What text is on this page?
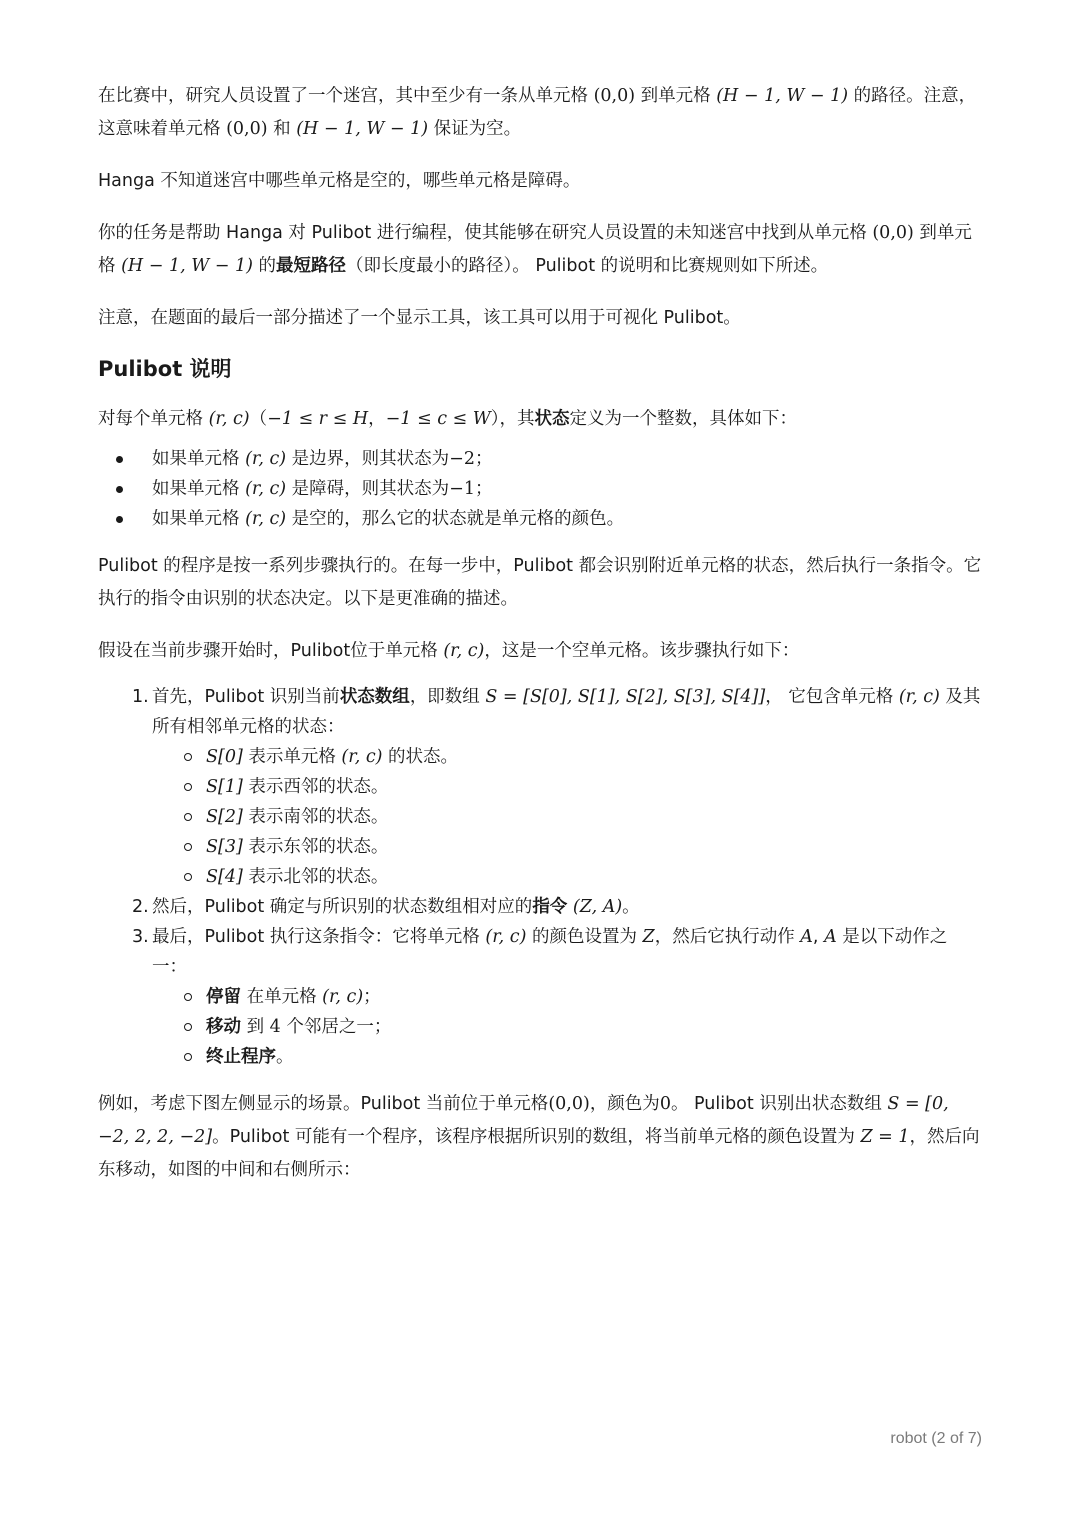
在比赛中，研究人员设置了一个迷宫，其中至少有一条从单元格 (0,0) 到单元格 (H − 1, W − 1) 的路径。注意，这意味着单元格 (0,0) 和 (H − 1, W − 1) 保证为空。

Hanga 不知道迷宫中哪些单元格是空的，哪些单元格是障碍。

你的任务是帮助 Hanga 对 Pulibot 进行编程，使其能够在研究人员设置的未知迷宫中找到从单元格 (0,0) 到单元格 (H − 1, W − 1) 的最短路径（即长度最小的路径）。 Pulibot 的说明和比赛规则如下所述。

注意，在题面的最后一部分描述了一个显示工具，该工具可以用于可视化 Pulibot。

Pulibot 说明

对每个单元格 (r, c)（−1 ≤ r ≤ H，−1 ≤ c ≤ W），其状态定义为一个整数，具体如下：

如果单元格 (r, c) 是边界，则其状态为−2；
如果单元格 (r, c) 是障碍，则其状态为−1；
如果单元格 (r, c) 是空的，那么它的状态就是单元格的颜色。

Pulibot 的程序是按一系列步骤执行的。在每一步中，Pulibot 都会识别附近单元格的状态，然后执行一条指令。它执行的指令由识别的状态决定。以下是更准确的描述。

假设在当前步骤开始时，Pulibot位于单元格 (r, c)，这是一个空单元格。该步骤执行如下：

1. 首先，Pulibot 识别当前状态数组，即数组 S = [S[0], S[1], S[2], S[3], S[4]]， 它包含单元格 (r, c) 及其所有相邻单元格的状态：
S[0] 表示单元格 (r, c) 的状态。
S[1] 表示西邻的状态。
S[2] 表示南邻的状态。
S[3] 表示东邻的状态。
S[4] 表示北邻的状态。
2. 然后，Pulibot 确定与所识别的状态数组相对应的指令 (Z, A)。
3. 最后，Pulibot 执行这条指令：它将单元格 (r, c) 的颜色设置为 Z，然后它执行动作 A, A 是以下动作之一：
停留 在单元格 (r, c)；
移动 到 4 个邻居之一；
终止程序。

例如，考虑下图左侧显示的场景。Pulibot 当前位于单元格(0,0)，颜色为0。 Pulibot 识别出状态数组 S = [0, −2, 2, 2, −2]。Pulibot 可能有一个程序，该程序根据所识别的数组，将当前单元格的颜色设置为 Z = 1，然后向东移动，如图的中间和右侧所示：

robot (2 of 7)
